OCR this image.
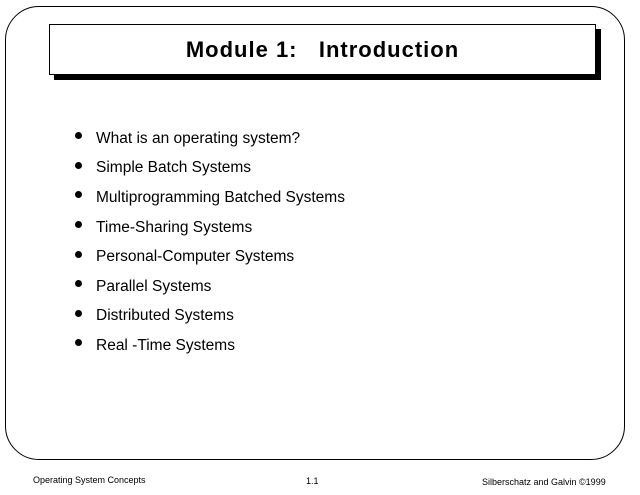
Module 1:   Introduction
What is an operating system?
Simple Batch Systems
Multiprogramming Batched Systems
Time-Sharing Systems
Personal-Computer Systems
Parallel Systems
Distributed Systems
Real -Time Systems
Operating System Concepts	1.1	Silberschatz and Galvin ©1999
